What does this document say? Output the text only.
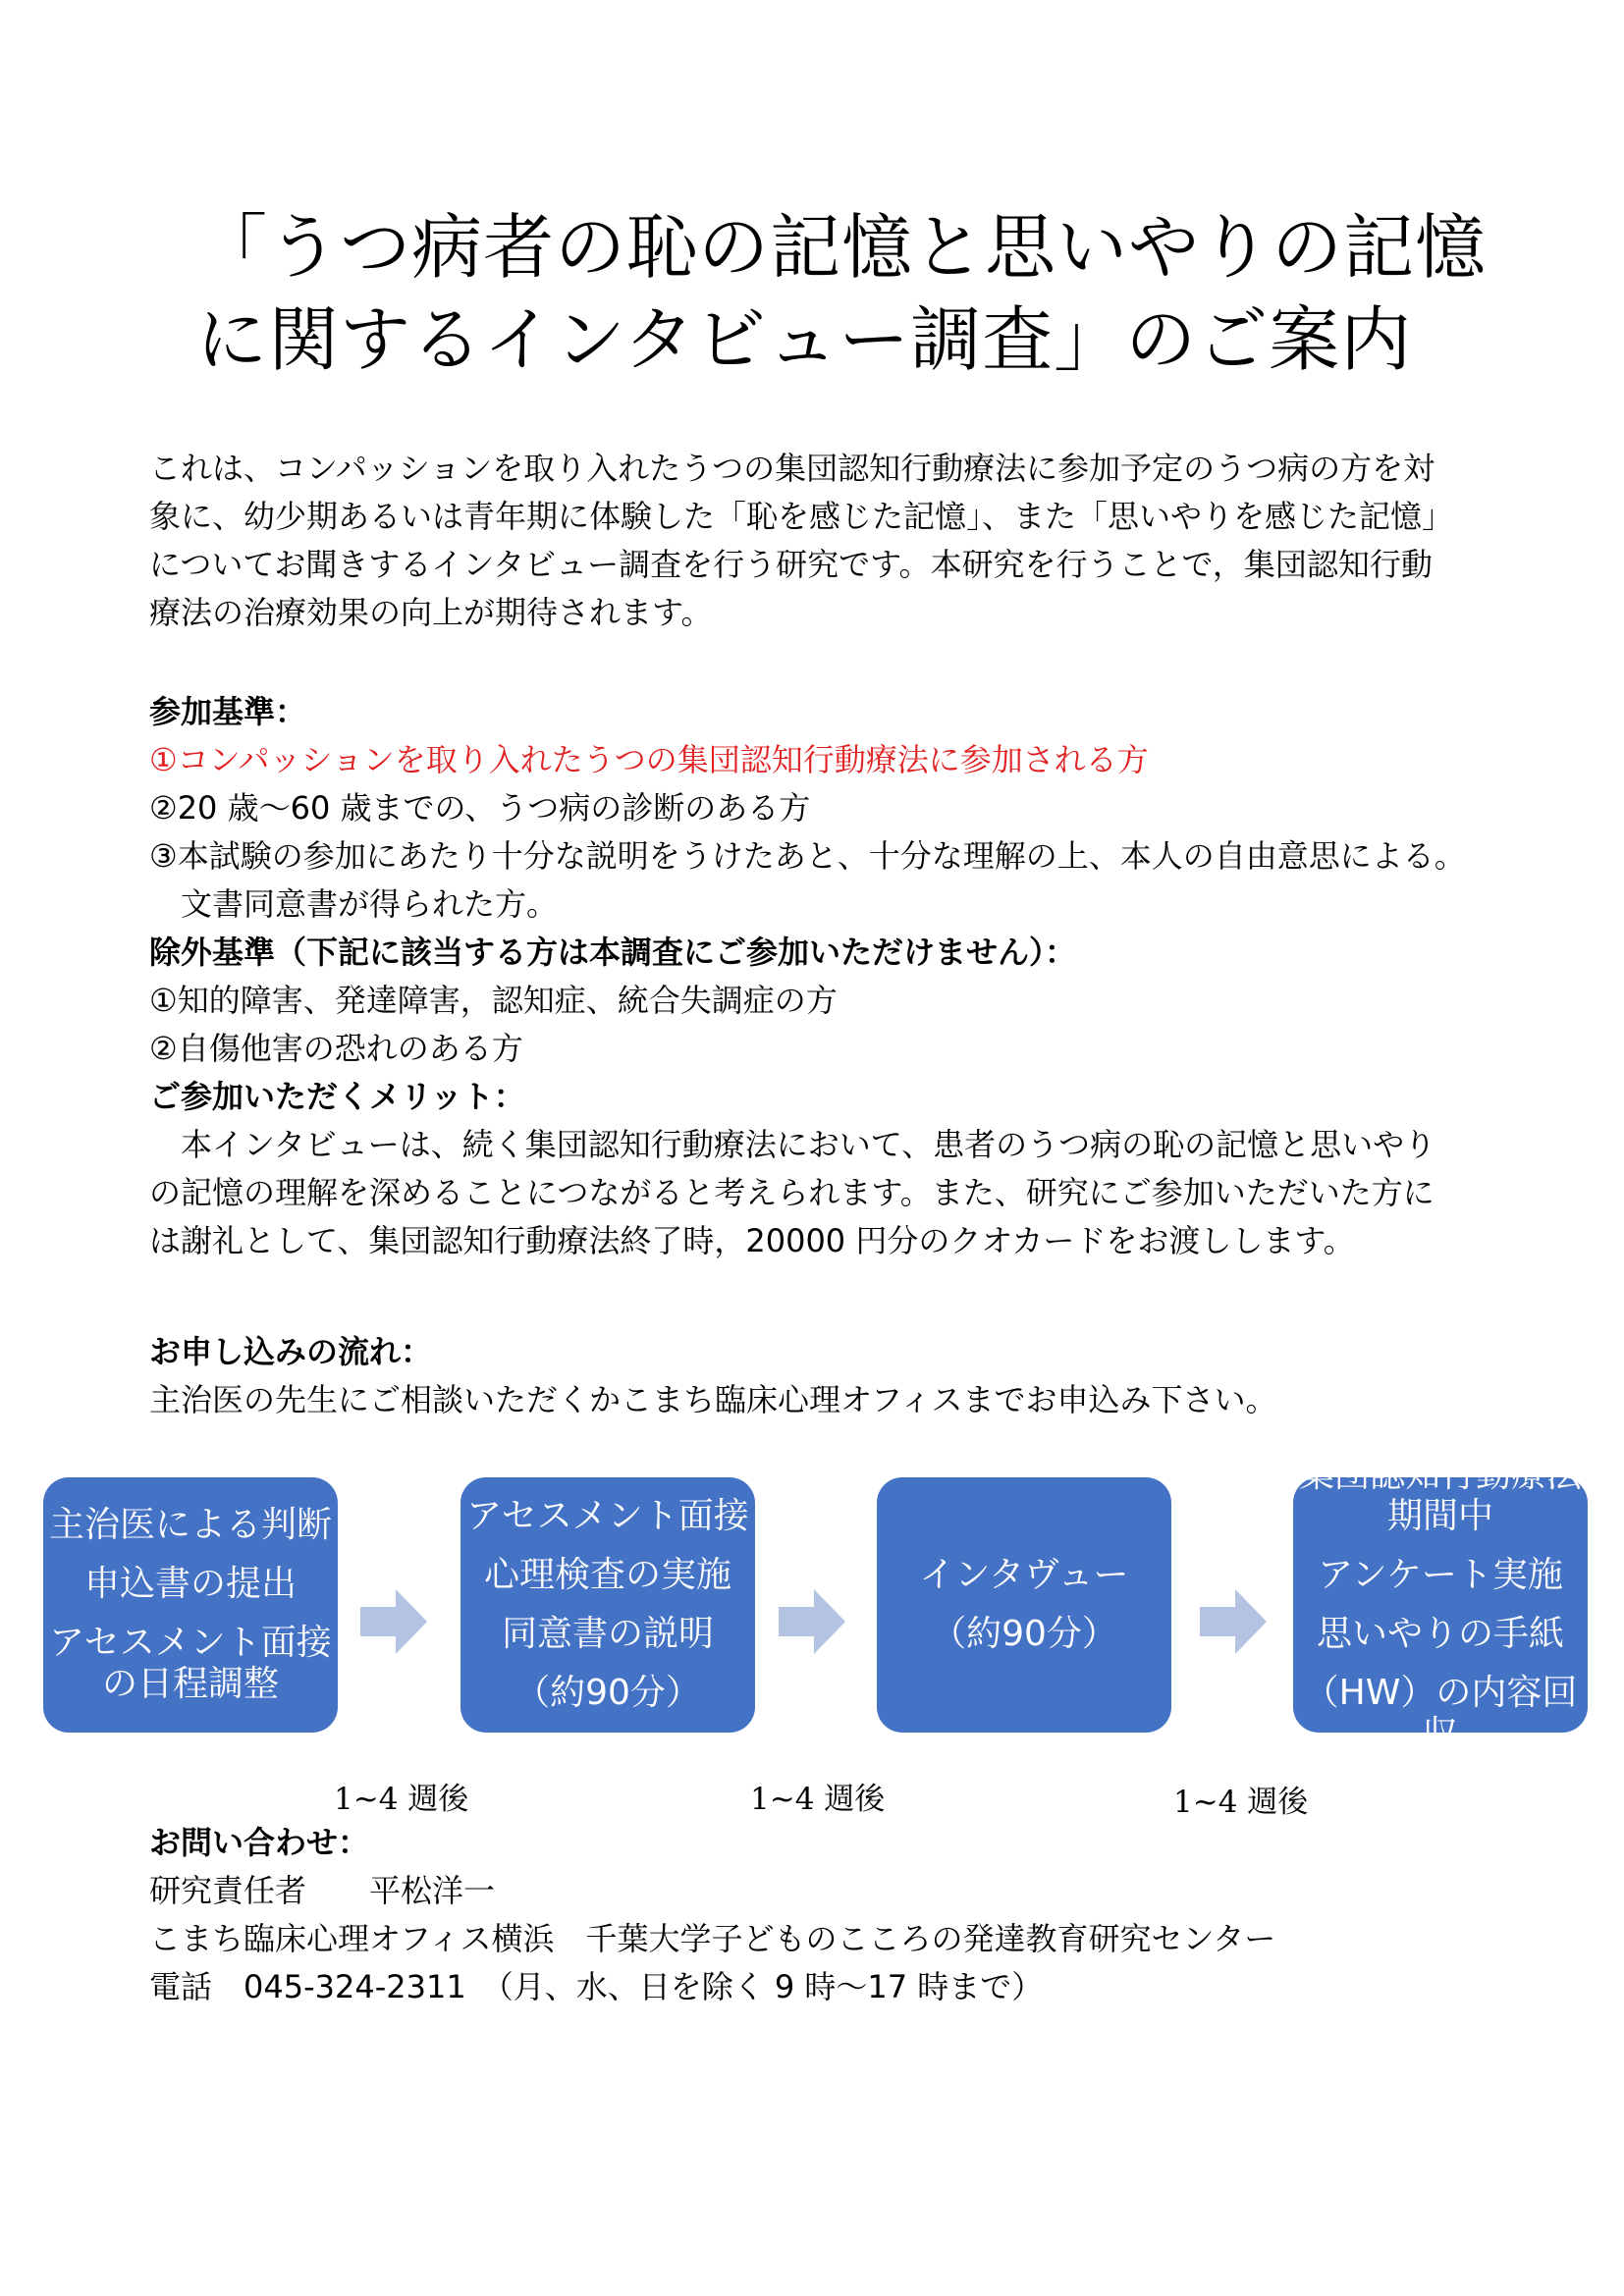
「うつ病者の恥の記憶と思いやりの記憶
に関するインタビュー調査」のご案内
これは、コンパッションを取り入れたうつの集団認知行動療法に参加予定のうつ病の方を対
象に、幼少期あるいは青年期に体験した「恥を感じた記憶」、また「思いやりを感じた記憶」
についてお聞きするインタビュー調査を行う研究です。本研究を行うことで，集団認知行動
療法の治療効果の向上が期待されます。
参加基準：
①コンパッションを取り入れたうつの集団認知行動療法に参加される方
②20 歳～60 歳までの、うつ病の診断のある方
③本試験の参加にあたり十分な説明をうけたあと、十分な理解の上、本人の自由意思による。
文書同意書が得られた方。
除外基準（下記に該当する方は本調査にご参加いただけません）：
①知的障害、発達障害，認知症、統合失調症の方
②自傷他害の恐れのある方
ご参加いただくメリット：
本インタビューは、続く集団認知行動療法において、患者のうつ病の恥の記憶と思いやり
の記憶の理解を深めることにつながると考えられます。また、研究にご参加いただいた方に
は謝礼として、集団認知行動療法終了時，20000 円分のクオカードをお渡しします。
お申し込みの流れ：
主治医の先生にご相談いただくかこまち臨床心理オフィスまでお申込み下さい。
主治医による判断
申込書の提出
アセスメント面接の日程調整
アセスメント面接
心理検査の実施
同意書の説明
（約90分）
インタヴュー
（約90分）
集団認知行動療法期間中
アンケート実施
思いやりの手紙
（HW）の内容回収
1~4 週後	1~4 週後	1~4 週後
お問い合わせ：
研究責任者　　平松洋一
こまち臨床心理オフィス横浜　千葉大学子どものこころの発達教育研究センター
電話　045-324-2311　（月、水、日を除く 9 時～17 時まで）
